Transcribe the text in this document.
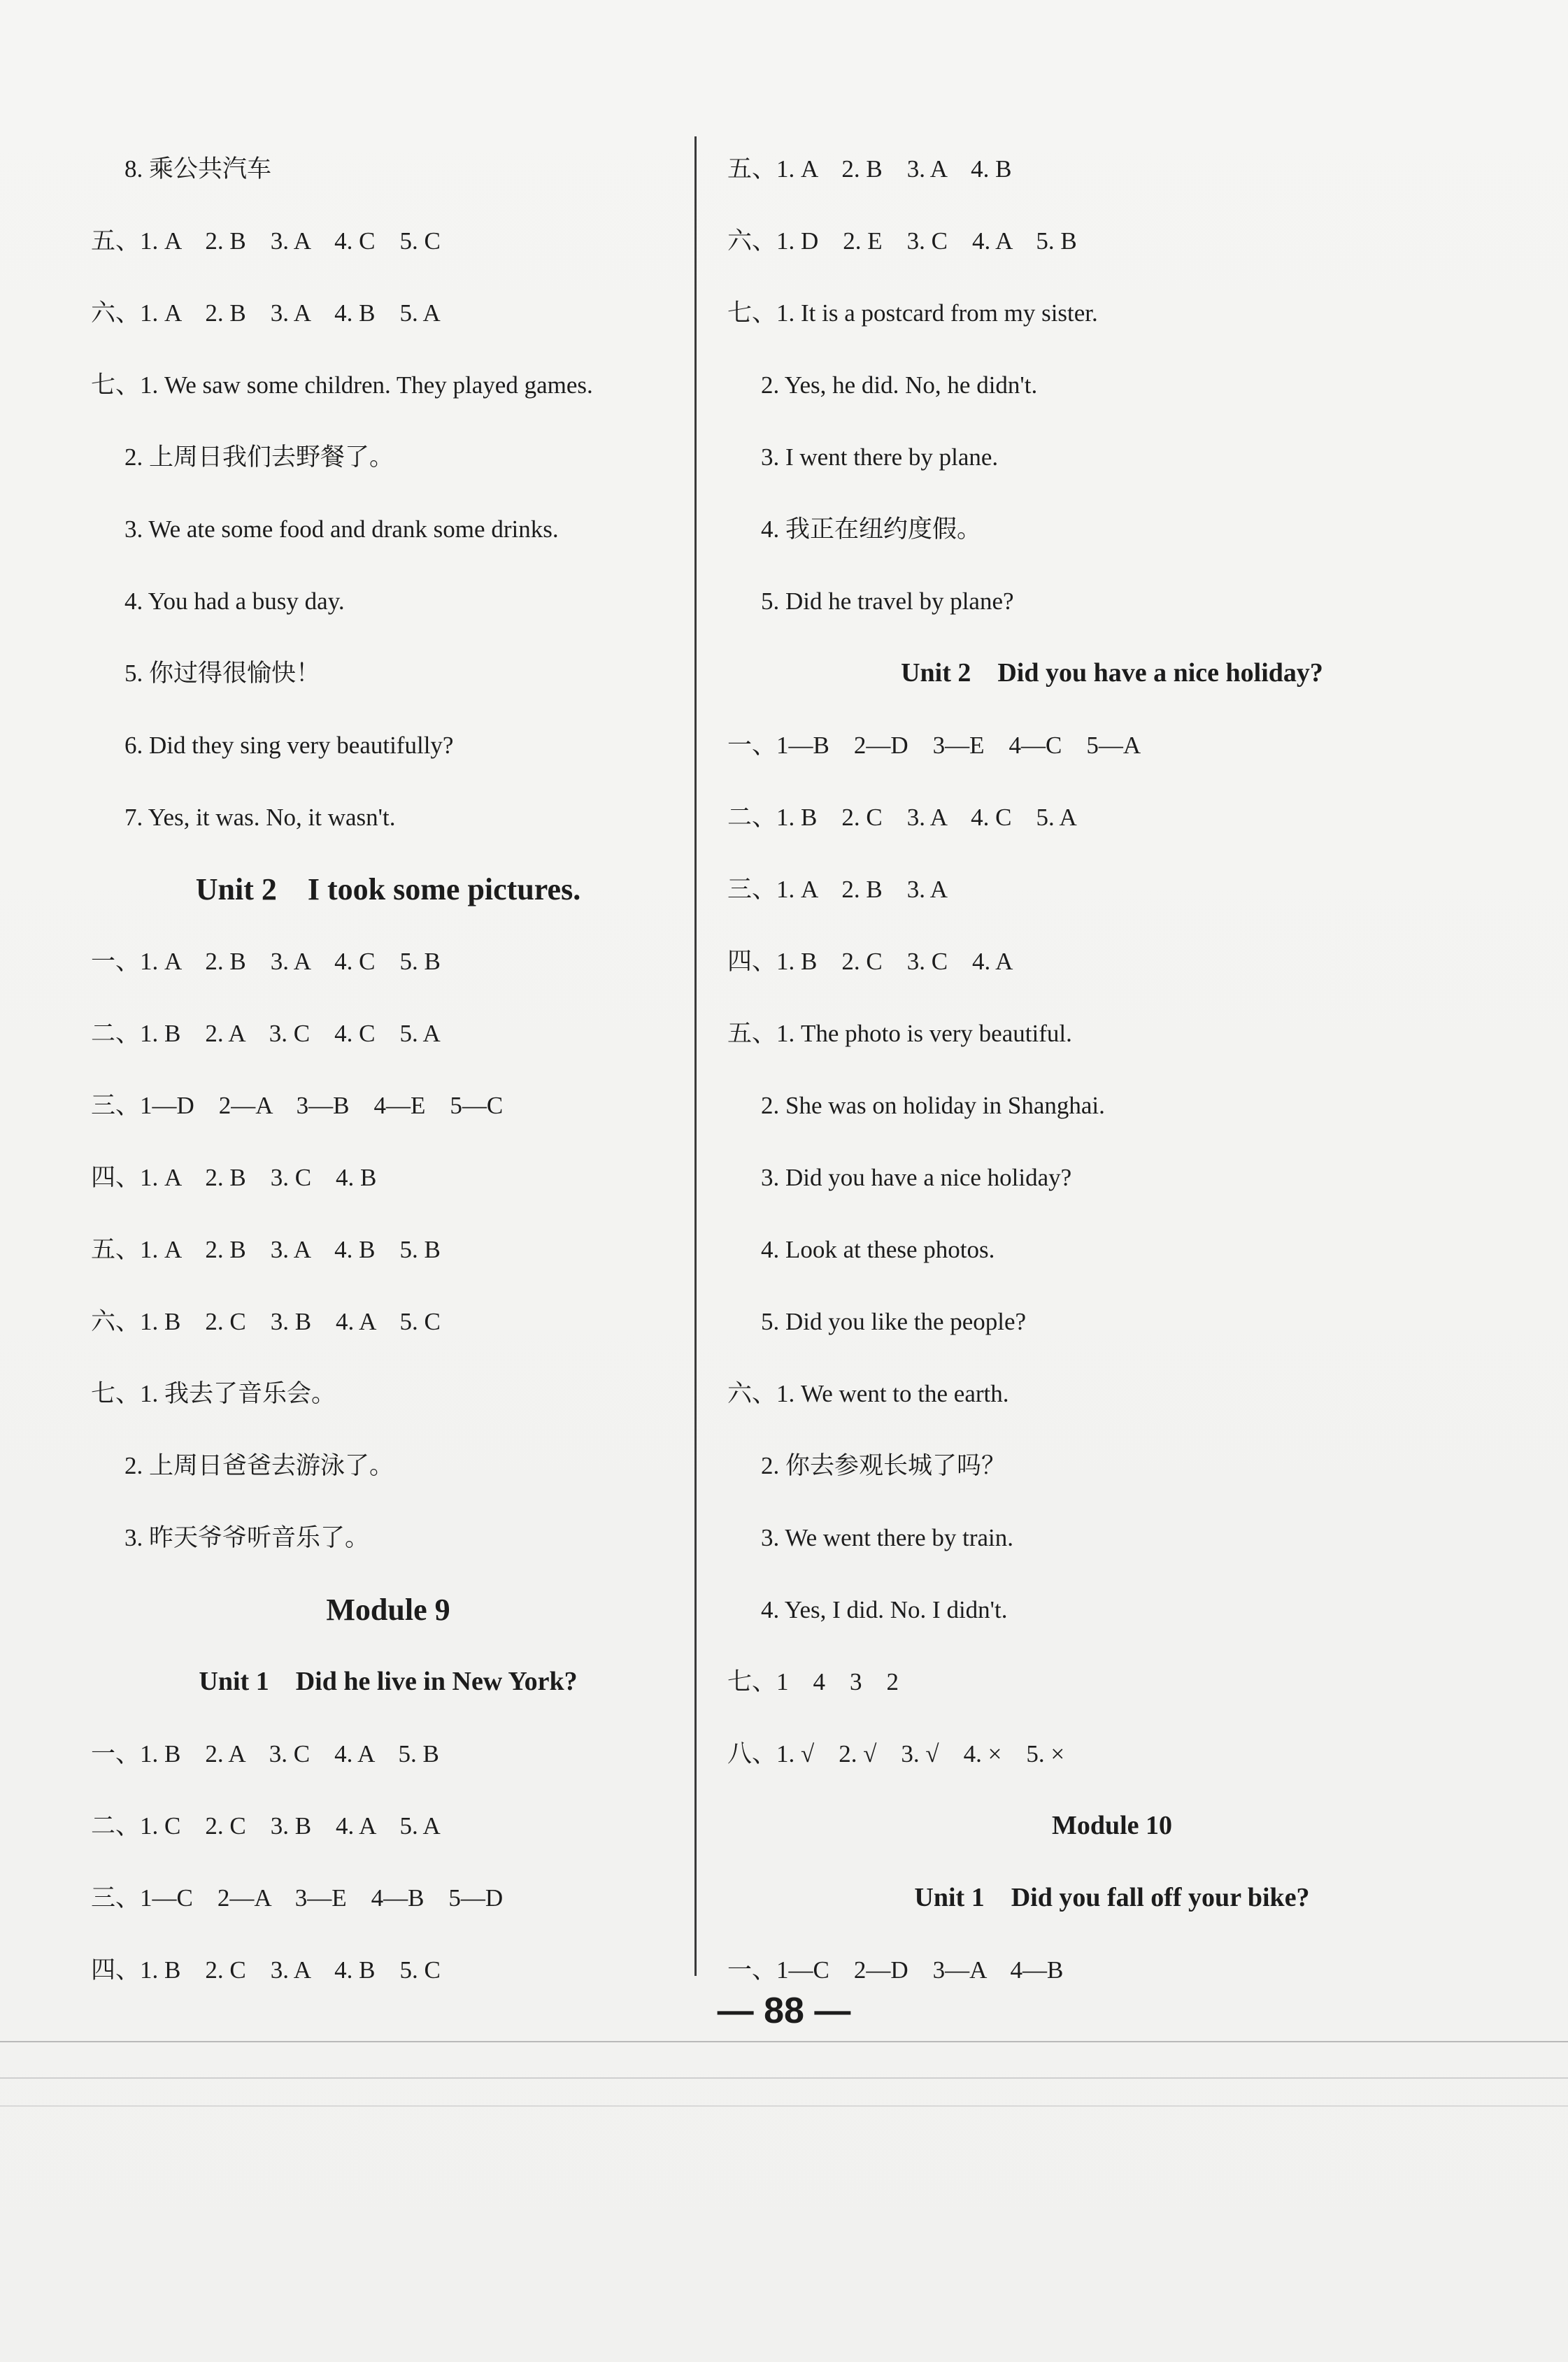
8. 乘公共汽车
五、1. A　2. B　3. A　4. C　5. C
六、1. A　2. B　3. A　4. B　5. A
七、1. We saw some children. They played games.
2. 上周日我们去野餐了。
3. We ate some food and drank some drinks.
4. You had a busy day.
5. 你过得很愉快！
6. Did they sing very beautifully?
7. Yes, it was. No, it wasn't.
Unit 2　I took some pictures.
一、1. A　2. B　3. A　4. C　5. B
二、1. B　2. A　3. C　4. C　5. A
三、1—D　2—A　3—B　4—E　5—C
四、1. A　2. B　3. C　4. B
五、1. A　2. B　3. A　4. B　5. B
六、1. B　2. C　3. B　4. A　5. C
七、1. 我去了音乐会。
2. 上周日爸爸去游泳了。
3. 昨天爷爷听音乐了。
Module 9
Unit 1　Did he live in New York?
一、1. B　2. A　3. C　4. A　5. B
二、1. C　2. C　3. B　4. A　5. A
三、1—C　2—A　3—E　4—B　5—D
四、1. B　2. C　3. A　4. B　5. C
五、1. A　2. B　3. A　4. B
六、1. D　2. E　3. C　4. A　5. B
七、1. It is a postcard from my sister.
2. Yes, he did. No, he didn't.
3. I went there by plane.
4. 我正在纽约度假。
5. Did he travel by plane?
Unit 2　Did you have a nice holiday?
一、1—B　2—D　3—E　4—C　5—A
二、1. B　2. C　3. A　4. C　5. A
三、1. A　2. B　3. A
四、1. B　2. C　3. C　4. A
五、1. The photo is very beautiful.
2. She was on holiday in Shanghai.
3. Did you have a nice holiday?
4. Look at these photos.
5. Did you like the people?
六、1. We went to the earth.
2. 你去参观长城了吗？
3. We went there by train.
4. Yes, I did. No. I didn't.
七、1　4　3　2
八、1. √　2. √　3. √　4. ×　5. ×
Module 10
Unit 1　Did you fall off your bike?
一、1—C　2—D　3—A　4—B
— 88 —
